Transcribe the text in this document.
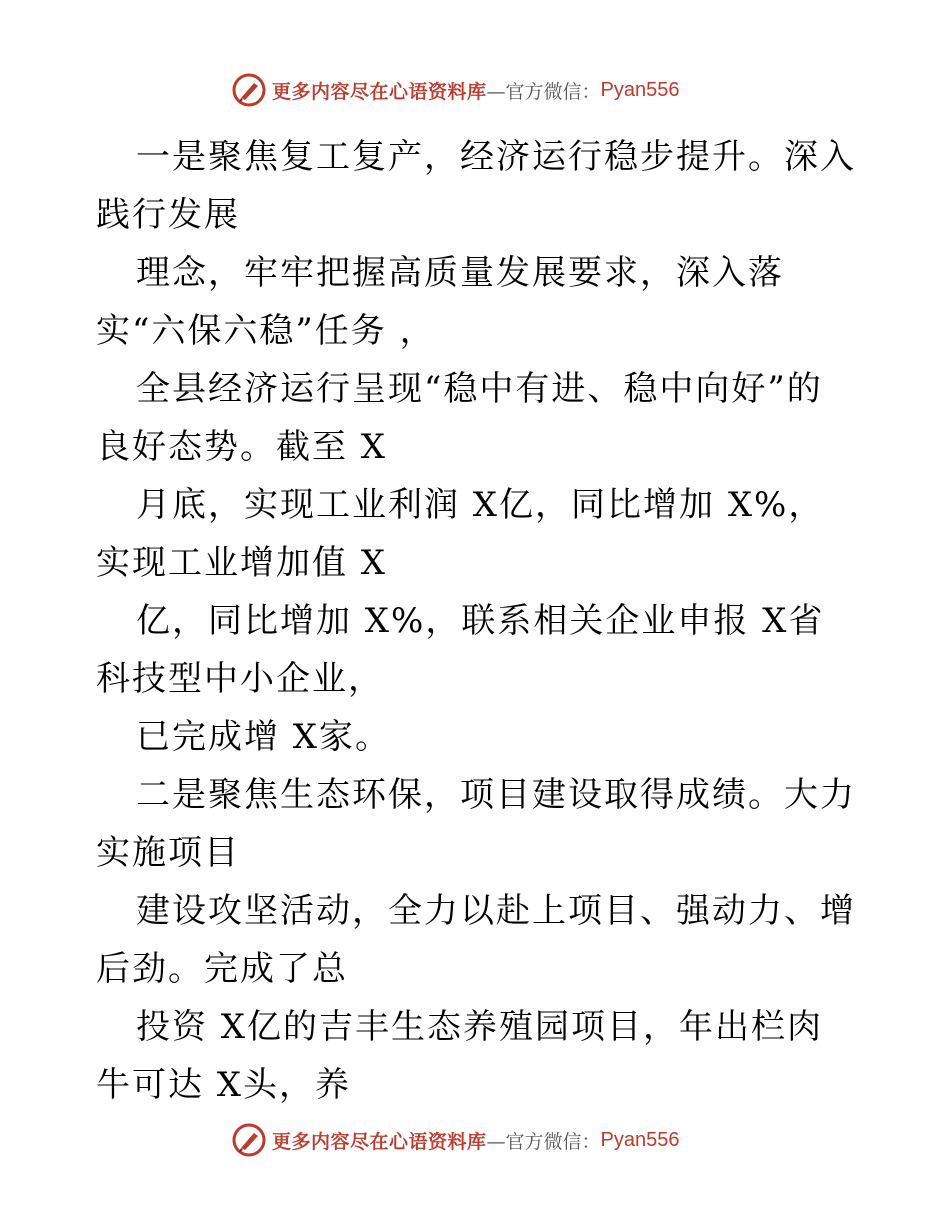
更多内容尽在心语资料库 —官方微信： Pyan556

一是聚焦复工复产，经济运行稳步提升。深入践行发展

理念，牢牢把握高质量发展要求，深入落实“六保六稳”任务 ，

全县经济运行呈现“稳中有进、稳中向好”的良好态势。截至 X

月底，实现工业利润 X亿，同比增加 X%，实现工业增加值 X

亿，同比增加 X%，联系相关企业申报 X省科技型中小企业，

已完成增 X家。

二是聚焦生态环保，项目建设取得成绩。大力实施项目

建设攻坚活动，全力以赴上项目、强动力、增后劲。完成了总

投资 X亿的吉丰生态养殖园项目，年出栏肉牛可达 X头，养

更多内容尽在心语资料库 —官方微信： Pyan556
